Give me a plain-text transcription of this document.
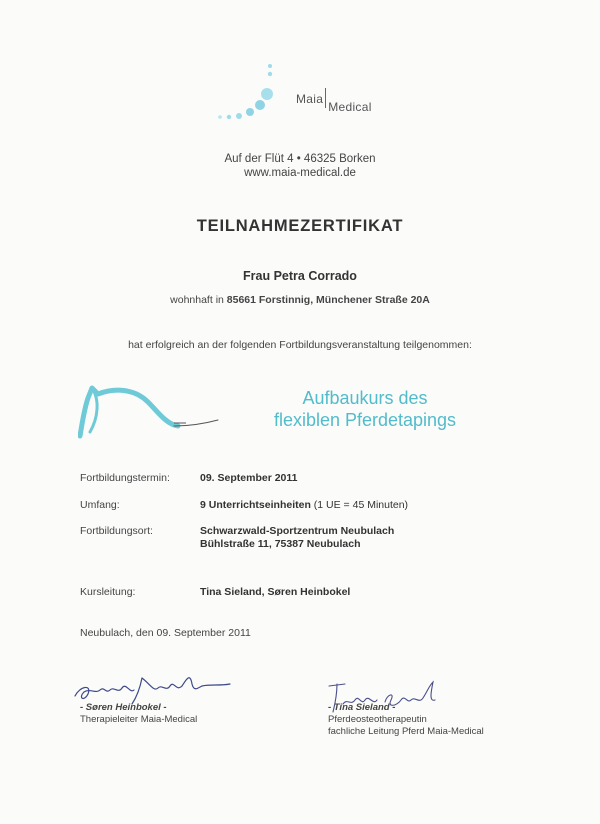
MaiaMedical
Auf der Flüt 4 • 46325 Borken
www.maia-medical.de
TEILNAHMEZERTIFIKAT
Frau Petra Corrado
wohnhaft in 85661 Forstinnig, Münchener Straße 20A
hat erfolgreich an der folgenden Fortbildungsveranstaltung teilgenommen:
Aufbaukurs des
flexiblen Pferdetapings
Fortbildungstermin:	09. September 2011
Umfang:	9 Unterrichtseinheiten (1 UE = 45 Minuten)
Fortbildungsort:	Schwarzwald-Sportzentrum Neubulach
Bühlstraße 11, 75387 Neubulach
Kursleitung:	Tina Sieland, Søren Heinbokel
Neubulach, den 09. September 2011
- Søren Heinbokel -
Therapieleiter Maia-Medical
- Tina Sieland -
Pferdeosteotherapeutin
fachliche Leitung Pferd Maia-Medical
